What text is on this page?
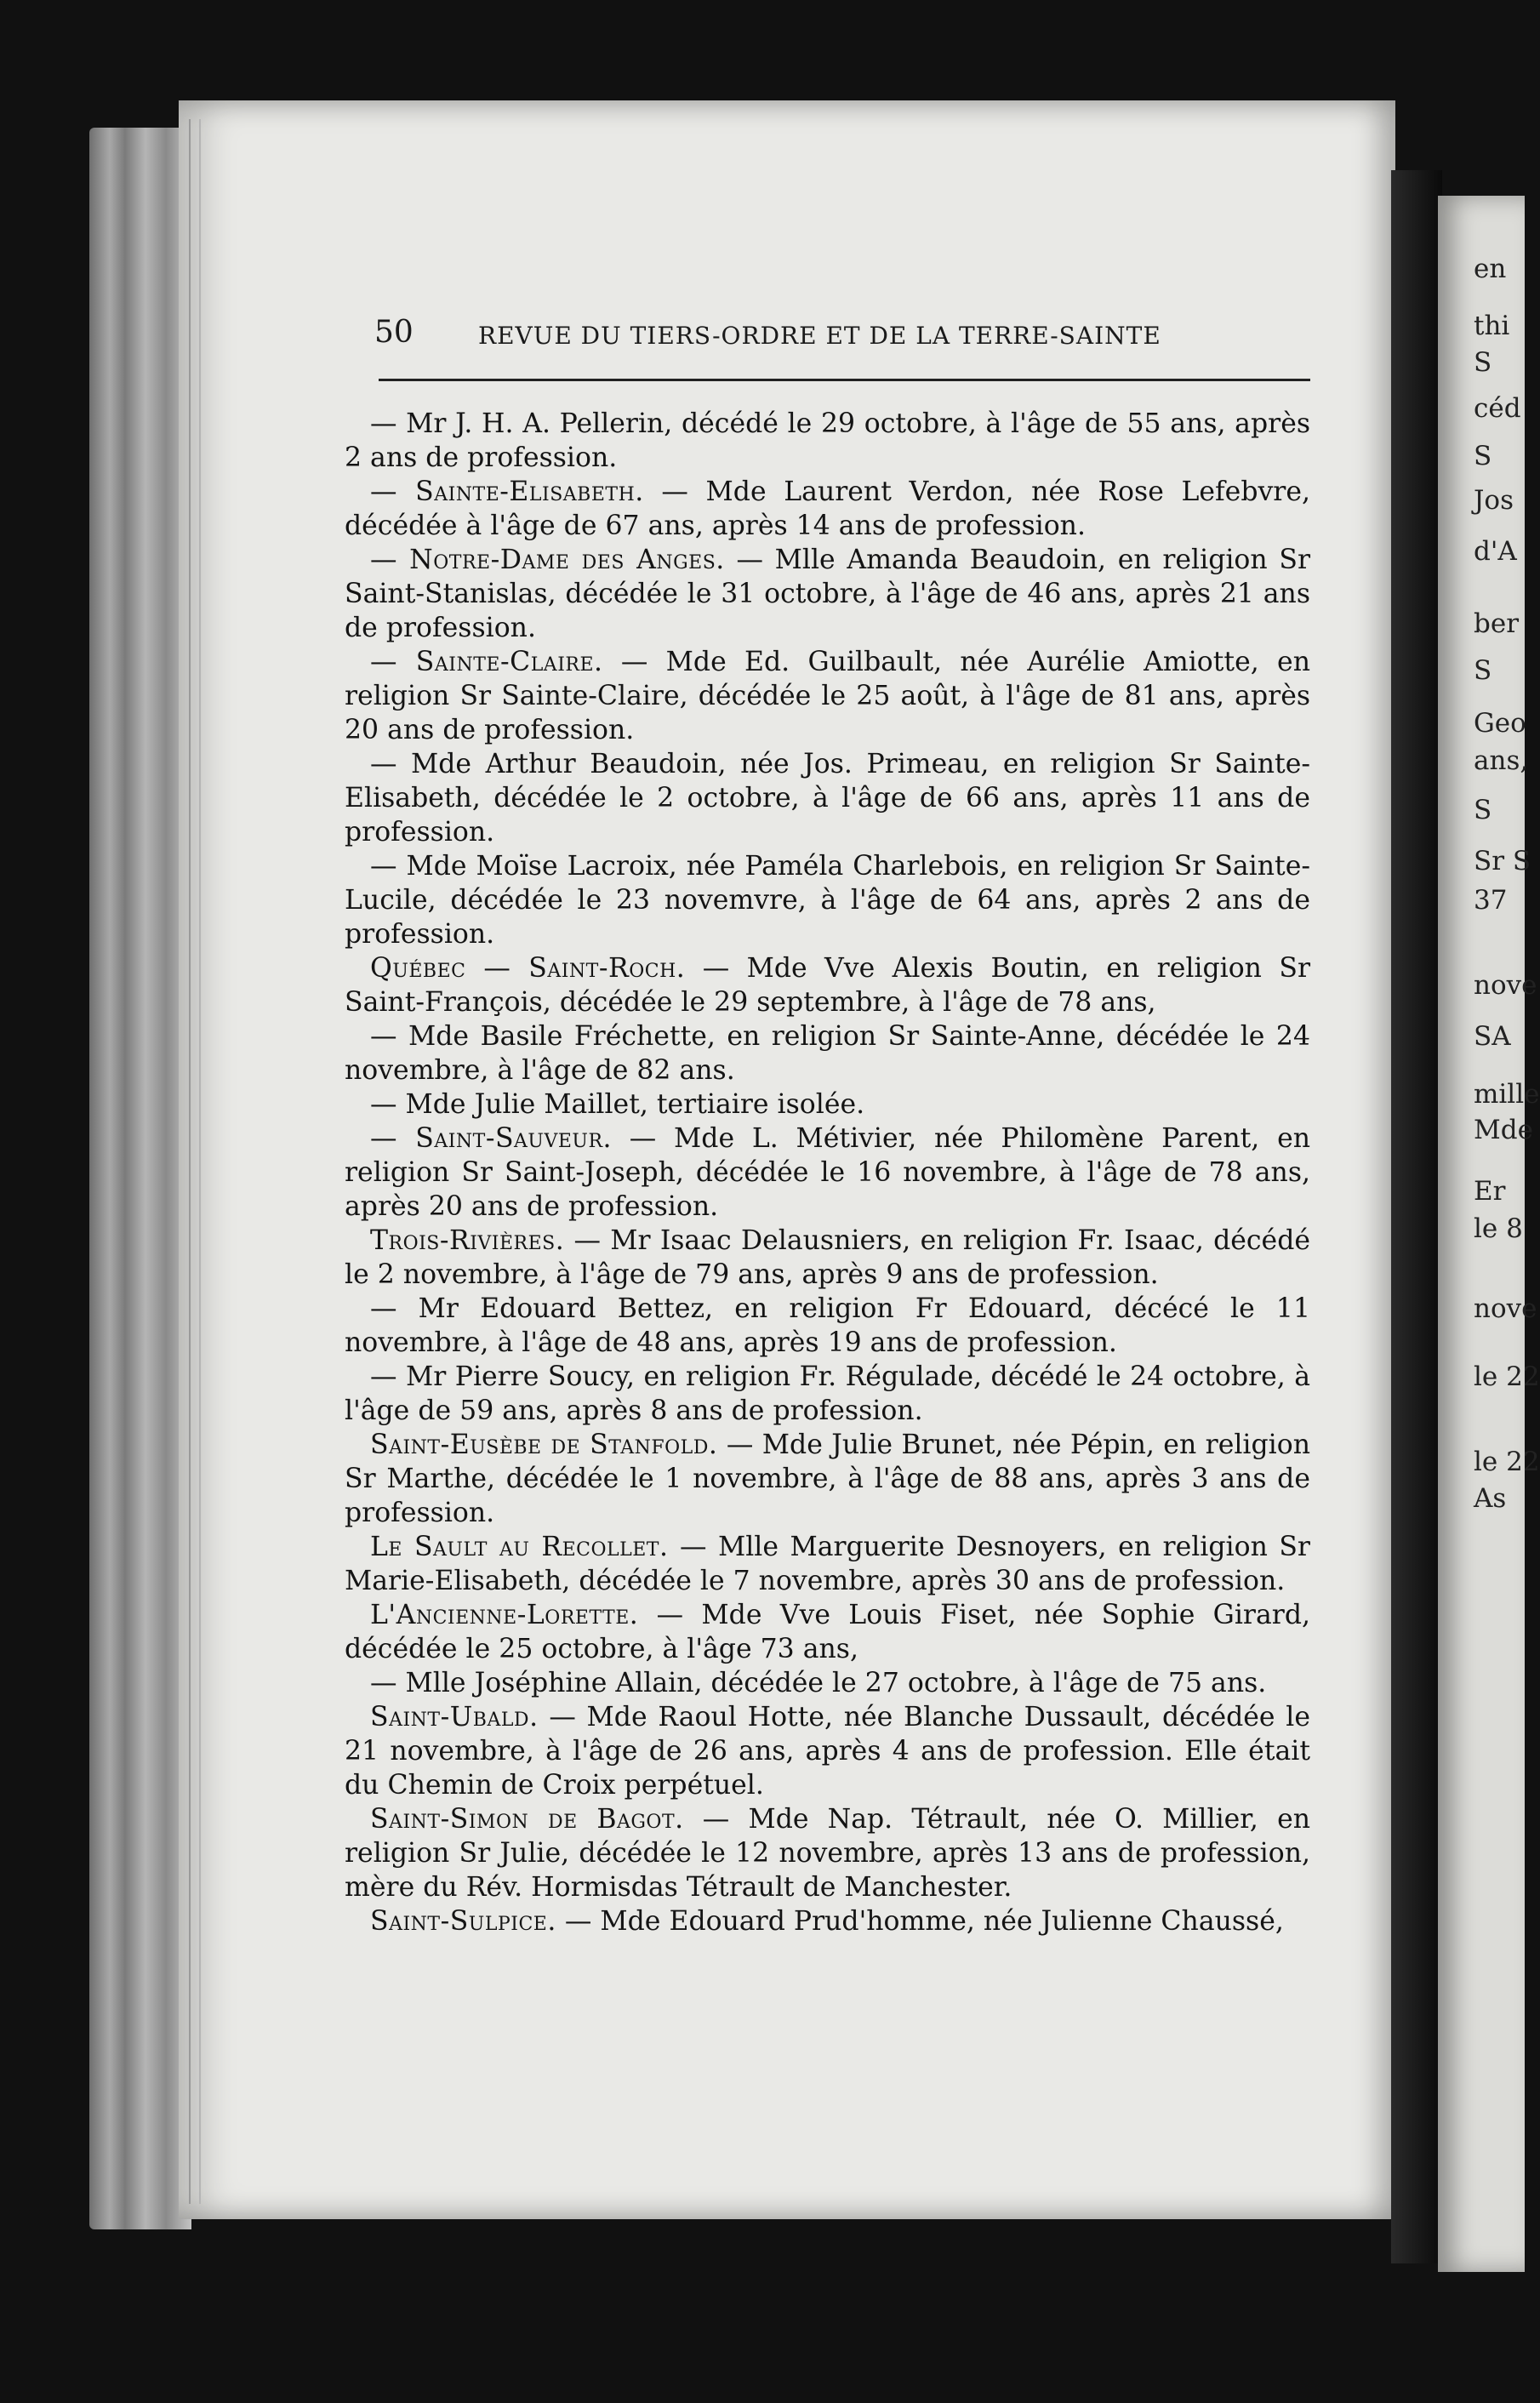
en
thi
S
céd
S
Jos
d'A
ber
S
Geo
ans,
S
Sr S
37
nove
SA
mille
Mde
Er
le 8
nove
le 22
le 22
As
50	REVUE DU TIERS-ORDRE ET DE LA TERRE-SAINTE

— Mr J. H. A. Pellerin, décédé le 29 octobre, à l'âge de 55 ans, après 2 ans de profession.

— Sainte-Elisabeth. — Mde Laurent Verdon, née Rose Lefebvre, décédée à l'âge de 67 ans, après 14 ans de profession.

— Notre-Dame des Anges. — Mlle Amanda Beaudoin, en religion Sr Saint-Stanislas, décédée le 31 octobre, à l'âge de 46 ans, après 21 ans de profession.

— Sainte-Claire. — Mde Ed. Guilbault, née Aurélie Amiotte, en religion Sr Sainte-Claire, décédée le 25 août, à l'âge de 81 ans, après 20 ans de profession.

— Mde Arthur Beaudoin, née Jos. Primeau, en religion Sr Sainte-Elisabeth, décédée le 2 octobre, à l'âge de 66 ans, après 11 ans de profession.

— Mde Moïse Lacroix, née Paméla Charlebois, en religion Sr Sainte-Lucile, décédée le 23 novemvre, à l'âge de 64 ans, après 2 ans de profession.

Québec — Saint-Roch. — Mde Vve Alexis Boutin, en religion Sr Saint-François, décédée le 29 septembre, à l'âge de 78 ans,

— Mde Basile Fréchette, en religion Sr Sainte-Anne, décédée le 24 novembre, à l'âge de 82 ans.

— Mde Julie Maillet, tertiaire isolée.

— Saint-Sauveur. — Mde L. Métivier, née Philomène Parent, en religion Sr Saint-Joseph, décédée le 16 novembre, à l'âge de 78 ans, après 20 ans de profession.

Trois-Rivières. — Mr Isaac Delausniers, en religion Fr. Isaac, décédé le 2 novembre, à l'âge de 79 ans, après 9 ans de profession.

— Mr Edouard Bettez, en religion Fr Edouard, décécé le 11 novembre, à l'âge de 48 ans, après 19 ans de profession.

— Mr Pierre Soucy, en religion Fr. Régulade, décédé le 24 octobre, à l'âge de 59 ans, après 8 ans de profession.

Saint-Eusèbe de Stanfold. — Mde Julie Brunet, née Pépin, en religion Sr Marthe, décédée le 1 novembre, à l'âge de 88 ans, après 3 ans de profession.

Le Sault au Recollet. — Mlle Marguerite Desnoyers, en religion Sr Marie-Elisabeth, décédée le 7 novembre, après 30 ans de profession.

L'Ancienne-Lorette. — Mde Vve Louis Fiset, née Sophie Girard, décédée le 25 octobre, à l'âge 73 ans,

— Mlle Joséphine Allain, décédée le 27 octobre, à l'âge de 75 ans.

Saint-Ubald. — Mde Raoul Hotte, née Blanche Dussault, décédée le 21 novembre, à l'âge de 26 ans, après 4 ans de profession. Elle était du Chemin de Croix perpétuel.

Saint-Simon de Bagot. — Mde Nap. Tétrault, née O. Millier, en religion Sr Julie, décédée le 12 novembre, après 13 ans de profession, mère du Rév. Hormisdas Tétrault de Manchester.

Saint-Sulpice. — Mde Edouard Prud'homme, née Julienne Chaussé,
